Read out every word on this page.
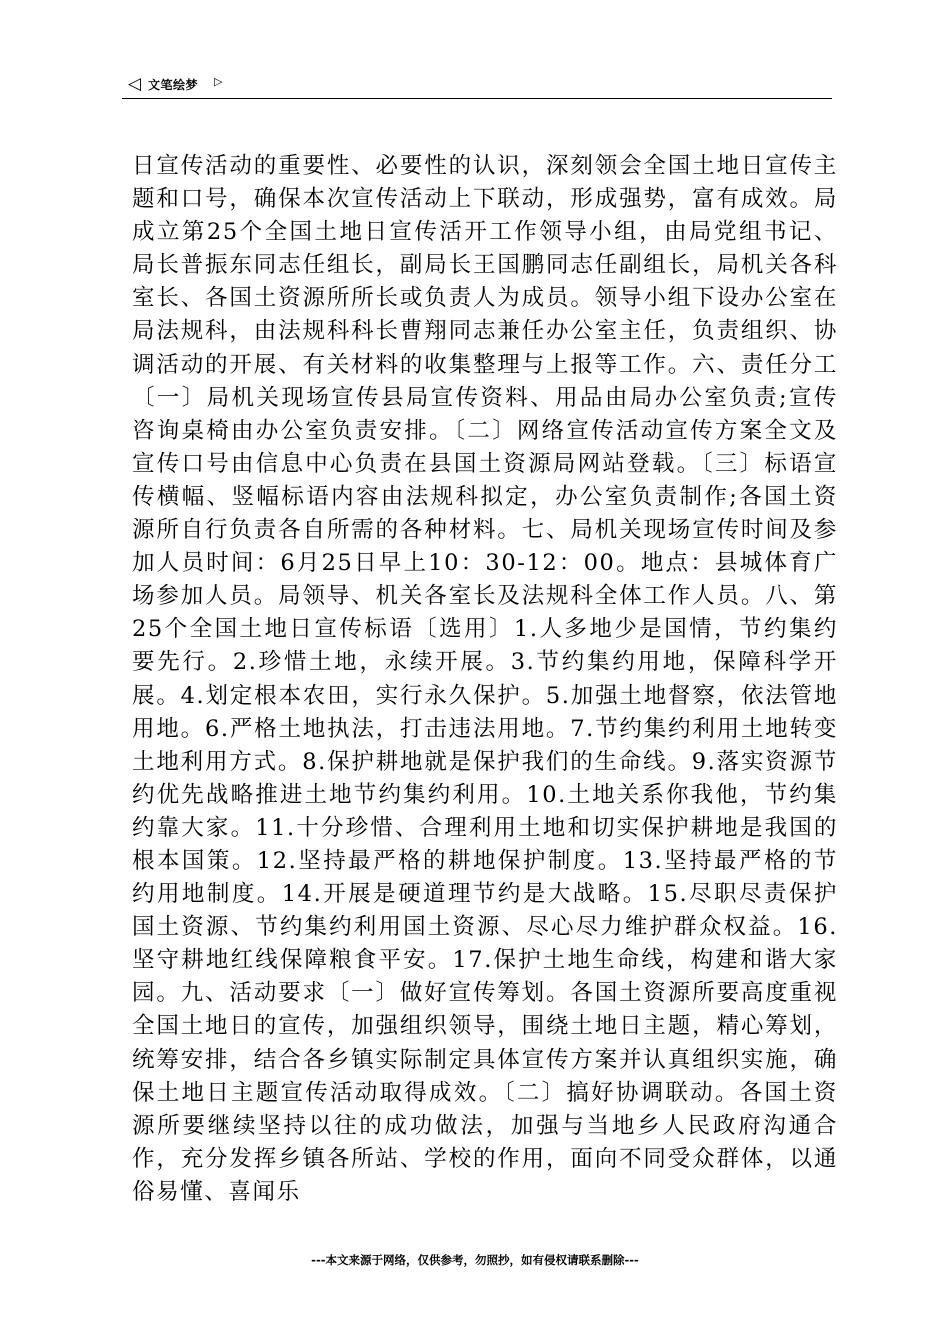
◁ 文笔绘梦 ▷

日宣传活动的重要性、必要性的认识，深刻领会全国土地日宣传主题和口号，确保本次宣传活动上下联动，形成强势，富有成效。局成立第25个全国土地日宣传活开工作领导小组，由局党组书记、局长普振东同志任组长，副局长王国鹏同志任副组长，局机关各科室长、各国土资源所所长或负责人为成员。领导小组下设办公室在局法规科，由法规科科长曹翔同志兼任办公室主任，负责组织、协调活动的开展、有关材料的收集整理与上报等工作。六、责任分工〔一〕局机关现场宣传县局宣传资料、用品由局办公室负责;宣传咨询桌椅由办公室负责安排。〔二〕网络宣传活动宣传方案全文及宣传口号由信息中心负责在县国土资源局网站登载。〔三〕标语宣传横幅、竖幅标语内容由法规科拟定，办公室负责制作;各国土资源所自行负责各自所需的各种材料。七、局机关现场宣传时间及参加人员时间：6月25日早上10：30-12：00。地点：县城体育广场参加人员。局领导、机关各室长及法规科全体工作人员。八、第25个全国土地日宣传标语〔选用〕1.人多地少是国情，节约集约要先行。2.珍惜土地，永续开展。3.节约集约用地，保障科学开展。4.划定根本农田，实行永久保护。5.加强土地督察，依法管地用地。6.严格土地执法，打击违法用地。7.节约集约利用土地转变土地利用方式。8.保护耕地就是保护我们的生命线。9.落实资源节约优先战略推进土地节约集约利用。10.土地关系你我他，节约集约靠大家。11.十分珍惜、合理利用土地和切实保护耕地是我国的根本国策。12.坚持最严格的耕地保护制度。13.坚持最严格的节约用地制度。14.开展是硬道理节约是大战略。15.尽职尽责保护国土资源、节约集约利用国土资源、尽心尽力维护群众权益。16.坚守耕地红线保障粮食平安。17.保护土地生命线，构建和谐大家园。九、活动要求〔一〕做好宣传筹划。各国土资源所要高度重视全国土地日的宣传，加强组织领导，围绕土地日主题，精心筹划，统筹安排，结合各乡镇实际制定具体宣传方案并认真组织实施，确保土地日主题宣传活动取得成效。〔二〕搞好协调联动。各国土资源所要继续坚持以往的成功做法，加强与当地乡人民政府沟通合作，充分发挥乡镇各所站、学校的作用，面向不同受众群体，以通俗易懂、喜闻乐

---本文来源于网络，仅供参考，勿照抄，如有侵权请联系删除---
